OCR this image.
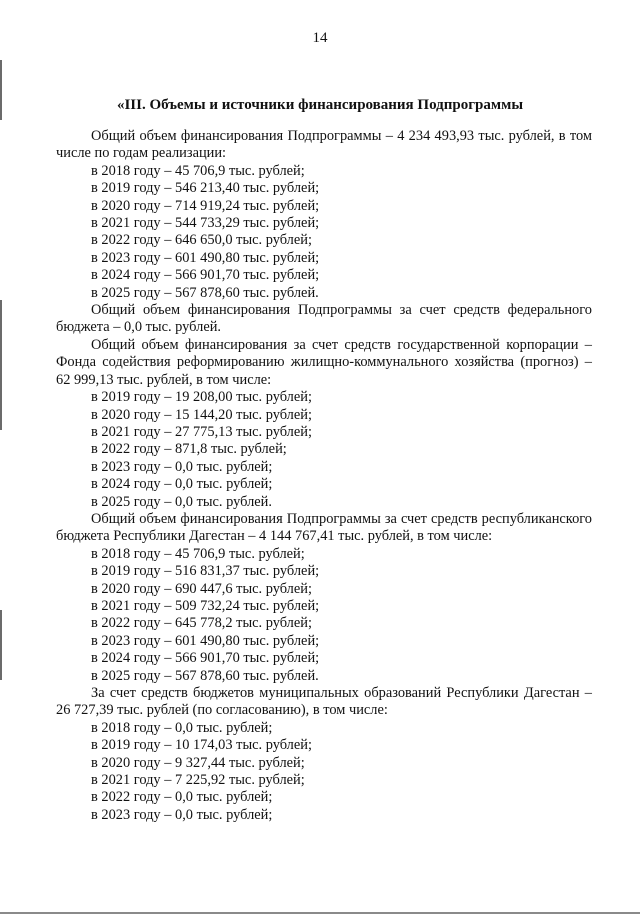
14
«III. Объемы и источники финансирования Подпрограммы

Общий объем финансирования Подпрограммы – 4 234 493,93 тыс. рублей, в том числе по годам реализации:

в 2018 году – 45 706,9 тыс. рублей;

в 2019 году – 546 213,40 тыс. рублей;

в 2020 году – 714 919,24 тыс. рублей;

в 2021 году – 544 733,29 тыс. рублей;

в 2022 году – 646 650,0 тыс. рублей;

в 2023 году – 601 490,80 тыс. рублей;

в 2024 году – 566 901,70 тыс. рублей;

в 2025 году – 567 878,60 тыс. рублей.

Общий объем финансирования Подпрограммы за счет средств федерального бюджета – 0,0 тыс. рублей.

Общий объем финансирования за счет средств государственной корпорации – Фонда содействия реформированию жилищно-коммунального хозяйства (прогноз) – 62 999,13 тыс. рублей, в том числе:

в 2019 году – 19 208,00 тыс. рублей;

в 2020 году – 15 144,20 тыс. рублей;

в 2021 году – 27 775,13 тыс. рублей;

в 2022 году – 871,8 тыс. рублей;

в 2023 году – 0,0 тыс. рублей;

в 2024 году – 0,0 тыс. рублей;

в 2025 году – 0,0 тыс. рублей.

Общий объем финансирования Подпрограммы за счет средств республиканского бюджета Республики Дагестан – 4 144 767,41 тыс. рублей, в том числе:

в 2018 году – 45 706,9 тыс. рублей;

в 2019 году – 516 831,37 тыс. рублей;

в 2020 году – 690 447,6 тыс. рублей;

в 2021 году – 509 732,24 тыс. рублей;

в 2022 году – 645 778,2 тыс. рублей;

в 2023 году – 601 490,80 тыс. рублей;

в 2024 году – 566 901,70 тыс. рублей;

в 2025 году – 567 878,60 тыс. рублей.

За счет средств бюджетов муниципальных образований Республики Дагестан – 26 727,39 тыс. рублей (по согласованию), в том числе:

в 2018 году – 0,0 тыс. рублей;

в 2019 году – 10 174,03 тыс. рублей;

в 2020 году – 9 327,44 тыс. рублей;

в 2021 году – 7 225,92 тыс. рублей;

в 2022 году – 0,0 тыс. рублей;

в 2023 году – 0,0 тыс. рублей;
